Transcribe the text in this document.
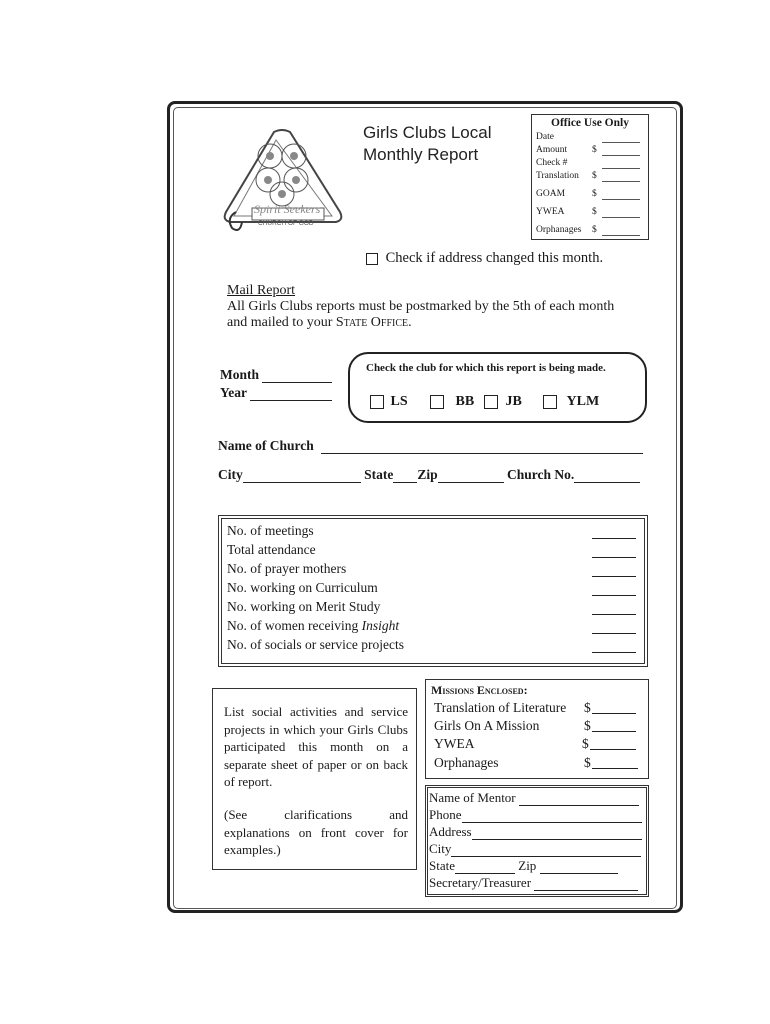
Spirit Seekers
CHURCH OF GOD
Girls Clubs Local
Monthly Report
Office Use Only
Date
Amount	$
Check #
Translation $
GOAM	$
YWEA	$
Orphanages $
Check if address changed this month.
Mail Report
All Girls Clubs reports must be postmarked by the 5th of each month
and mailed to your State Office.
Month
Year
Check the club for which this report is being made.
LS	BB	JB	YLM
Name of Church
City	State Zip	Church No.
No. of meetings
Total attendance
No. of prayer mothers
No. working on Curriculum
No. working on Merit Study
No. of women receiving Insight
No. of socials or service projects
List social activities and service projects in which your Girls Clubs participated this month on a separate sheet of paper or on back of report.
(See clarifications and explanations on front cover for examples.)
Missions Enclosed:
Translation of Literature $
Girls On A Mission	$
YWEA	$
Orphanages	$
Name of Mentor
Phone
Address
City
State	Zip
Secretary/Treasurer
